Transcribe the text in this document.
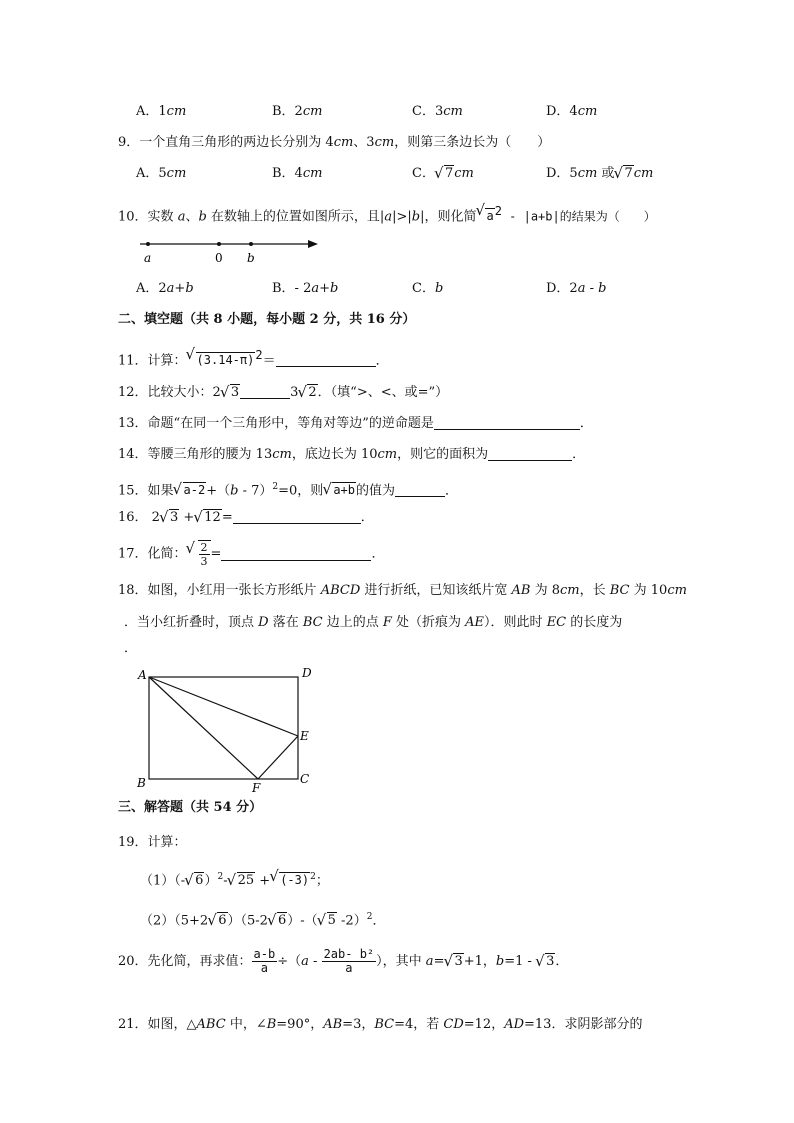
A．1cm	B．2cm	C．3cm	D．4cm
9．一个直角三角形的两边长分别为 4cm、3cm，则第三条边长为（　　）
A．5cm	B．4cm	C． √ 7cm	D．5cm 或 √ 7cm
10．实数 a、b 在数轴上的位置如图所示，且|a|>|b|，则化简 √ $a^2 - |a+b|$的结果为（　　）
a	0 b
A．2a+b	B．- 2a+b	C．b	D．2a - b
二、填空题（共 8 小题，每小题 2 分，共 16 分）
11．计算： √ $(3.14-\pi)^2=$	．
12．比较大小：2 √ 3	3 √ 2．（填“>、<、或=”）
13．命题“在同一个三角形中，等角对等边”的逆命题是	．
14．等腰三角形的腰为 13cm，底边长为 10cm，则它的面积为	．
15．如果 √ a-2+（b - 7）$^2$=0，则 √ a+b的值为	．
16． 2 √ 3 + √ 12=	．
17．化简： √ $\frac{2}{3}$ =	．
18．如图，小红用一张长方形纸片 ABCD 进行折纸，已知该纸片宽 AB 为 8cm，长 BC 为 10cm
．当小红折叠时，顶点 D 落在 BC 边上的点 F 处（折痕为 AE）．则此时 EC 的长度为
．
A	D
E
B	C
F
三、解答题（共 54 分）
19．计算：
（1）（- √ 6）$^2$- √ 25 + √ $(-3)^2$；
（2）（5+2 √ 6）（5-2 √ 6）-（ √ 5 -2）$^2$．
20．先化简，再求值： $\frac{a-b}{a} \div(a - \frac{\text{2ab- b²}}{a}$ ），其中 a= √ 3+1，b=1 - √ 3．
21．如图，△ABC 中，∠B=90°，AB=3，BC=4，若 CD=12，AD=13．求阴影部分的
